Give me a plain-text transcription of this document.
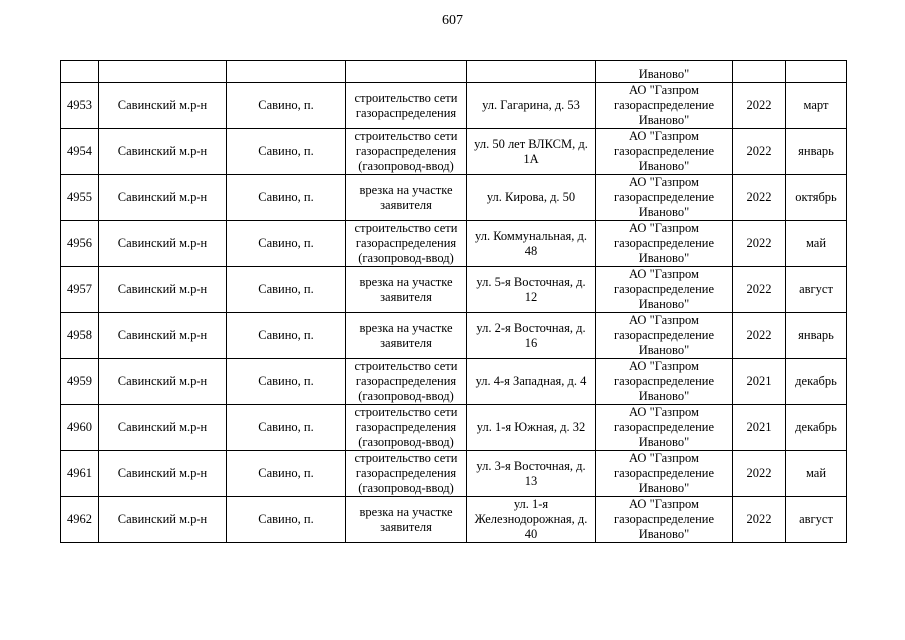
607
					Иваново"		
4953	Савинский м.р-н	Савино, п.	строительство сети газораспределения	ул. Гагарина, д. 53	АО "Газпром газораспределение Иваново"	2022	март
4954	Савинский м.р-н	Савино, п.	строительство сети газораспределения (газопровод-ввод)	ул. 50 лет ВЛКСМ, д. 1А	АО "Газпром газораспределение Иваново"	2022	январь
4955	Савинский м.р-н	Савино, п.	врезка на участке заявителя	ул. Кирова, д. 50	АО "Газпром газораспределение Иваново"	2022	октябрь
4956	Савинский м.р-н	Савино, п.	строительство сети газораспределения (газопровод-ввод)	ул. Коммунальная, д. 48	АО "Газпром газораспределение Иваново"	2022	май
4957	Савинский м.р-н	Савино, п.	врезка на участке заявителя	ул. 5-я Восточная, д. 12	АО "Газпром газораспределение Иваново"	2022	август
4958	Савинский м.р-н	Савино, п.	врезка на участке заявителя	ул. 2-я Восточная, д. 16	АО "Газпром газораспределение Иваново"	2022	январь
4959	Савинский м.р-н	Савино, п.	строительство сети газораспределения (газопровод-ввод)	ул. 4-я Западная, д. 4	АО "Газпром газораспределение Иваново"	2021	декабрь
4960	Савинский м.р-н	Савино, п.	строительство сети газораспределения (газопровод-ввод)	ул. 1-я Южная, д. 32	АО "Газпром газораспределение Иваново"	2021	декабрь
4961	Савинский м.р-н	Савино, п.	строительство сети газораспределения (газопровод-ввод)	ул. 3-я Восточная, д. 13	АО "Газпром газораспределение Иваново"	2022	май
4962	Савинский м.р-н	Савино, п.	врезка на участке заявителя	ул. 1-я Железнодорожная, д. 40	АО "Газпром газораспределение Иваново"	2022	август
